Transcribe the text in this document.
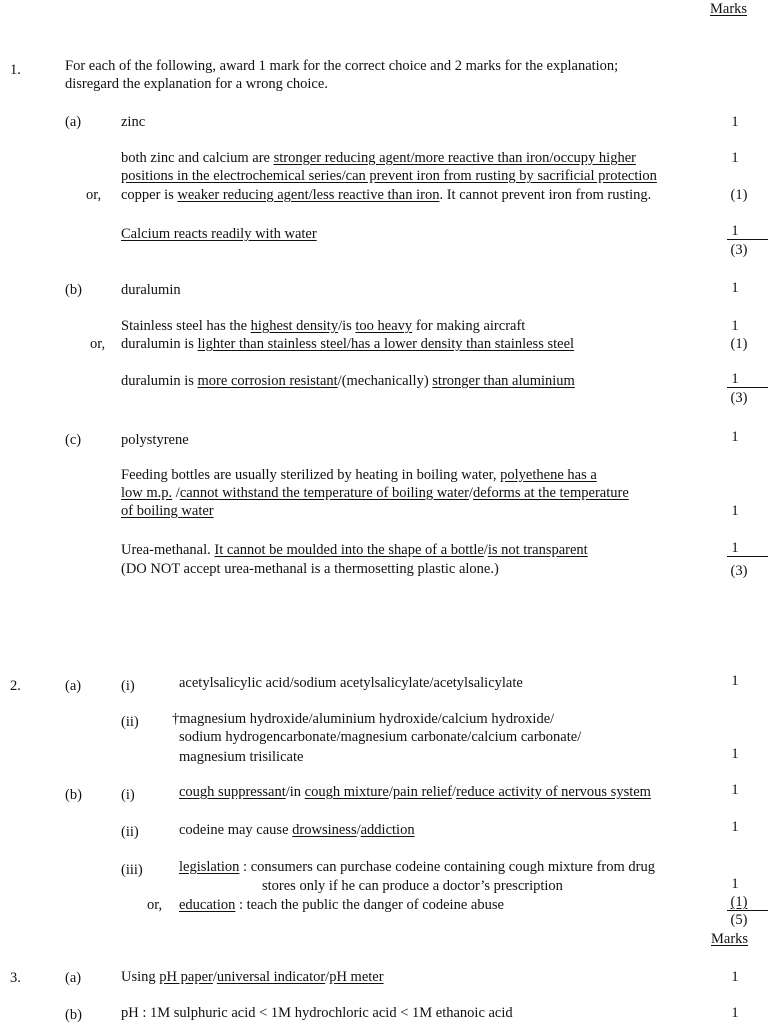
Marks
1.	For each of the following, award 1 mark for the correct choice and 2 marks for the explanation;
disregard the explanation for a wrong choice.
(a)	zinc	1
both zinc and calcium are stronger reducing agent/more reactive than iron/occupy higher	1
positions in the electrochemical series/can prevent iron from rusting by sacrificial protection
or, copper is weaker reducing agent/less reactive than iron. It cannot prevent iron from rusting.	(1)
Calcium reacts readily with water	1
(3)
(b)	duralumin	1
Stainless steel has the highest density/is too heavy for making aircraft	1
or, duralumin is lighter than stainless steel/has a lower density than stainless steel	(1)
duralumin is more corrosion resistant/(mechanically) stronger than aluminium	1
(3)
(c)	polystyrene	1
Feeding bottles are usually sterilized by heating in boiling water, polyethene has a
low m.p. /cannot withstand the temperature of boiling water/deforms at the temperature
of boiling water	1
Urea-methanal. It cannot be moulded into the shape of a bottle/is not transparent	1
(DO NOT accept urea-methanal is a thermosetting plastic alone.)	(3)
2.	(a)	(i)	acetylsalicylic acid/sodium acetylsalicylate/acetylsalicylate	1
(ii) †magnesium hydroxide/aluminium hydroxide/calcium hydroxide/
sodium hydrogencarbonate/magnesium carbonate/calcium carbonate/
magnesium trisilicate	1
(b)	(i)	cough suppressant/in cough mixture/pain relief/reduce activity of nervous system	1
(ii)	codeine may cause drowsiness/addiction	1
(iii)	legislation : consumers can purchase codeine containing cough mixture from drug
stores only if he can produce a doctor’s prescription	1
or, education : teach the public the danger of codeine abuse	(1)
(5)
Marks
3.	(a)	Using pH paper/universal indicator/pH meter	1
(b)	pH : 1M sulphuric acid < 1M hydrochloric acid < 1M ethanoic acid	1
